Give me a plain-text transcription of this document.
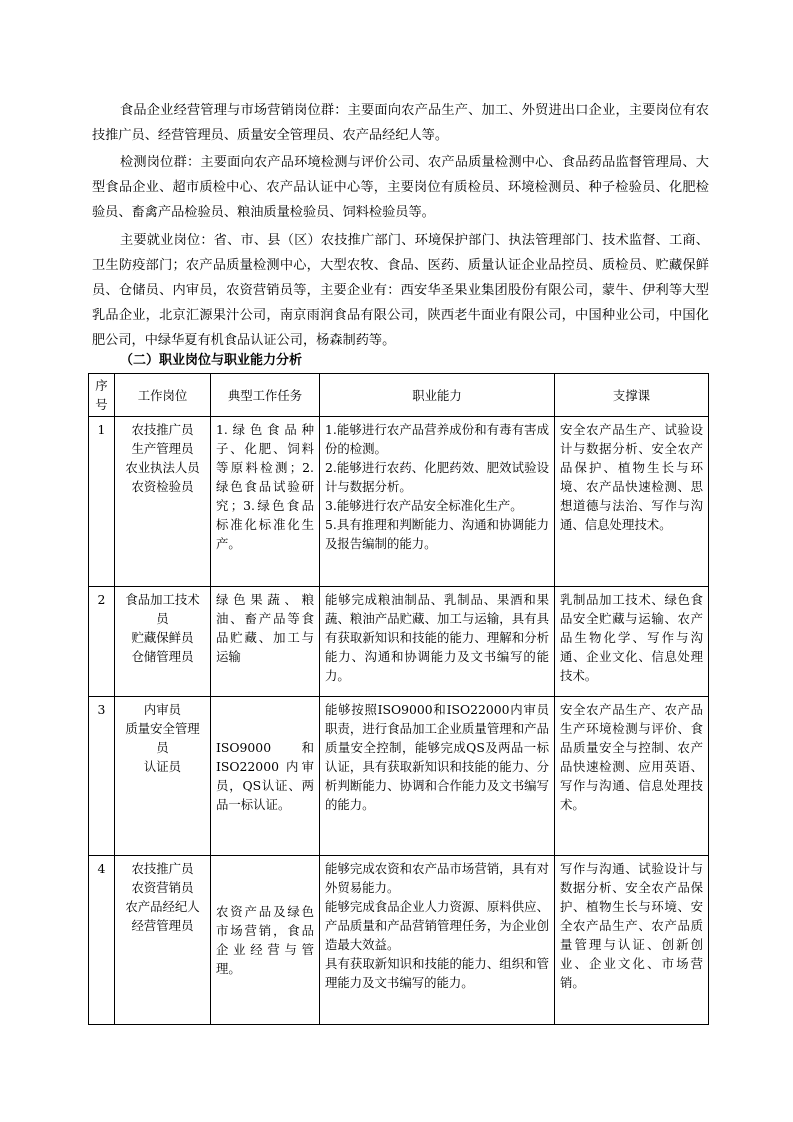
食品企业经营管理与市场营销岗位群：主要面向农产品生产、加工、外贸进出口企业，主要岗位有农技推广员、经营管理员、质量安全管理员、农产品经纪人等。

检测岗位群：主要面向农产品环境检测与评价公司、农产品质量检测中心、食品药品监督管理局、大型食品企业、超市质检中心、农产品认证中心等，主要岗位有质检员、环境检测员、种子检验员、化肥检验员、畜禽产品检验员、粮油质量检验员、饲料检验员等。

主要就业岗位：省、市、县（区）农技推广部门、环境保护部门、执法管理部门、技术监督、工商、卫生防疫部门；农产品质量检测中心，大型农牧、食品、医药、质量认证企业品控员、质检员、贮藏保鲜员、仓储员、内审员，农资营销员等，主要企业有：西安华圣果业集团股份有限公司，蒙牛、伊利等大型乳品企业，北京汇源果汁公司，南京雨润食品有限公司，陕西老牛面业有限公司，中国种业公司，中国化肥公司，中绿华夏有机食品认证公司，杨森制药等。

（二）职业岗位与职业能力分析

序号	工作岗位	典型工作任务	职业能力	支撑课
1	农技推广员
生产管理员
农业执法人员
农资检验员	1.绿色食品种子、化肥、饲料等原料检测；2.绿色食品试验研究；3.绿色食品标准化标准化生产。	1.能够进行农产品营养成份和有毒有害成份的检测。
2.能够进行农药、化肥药效、肥效试验设计与数据分析。
3.能够进行农产品安全标准化生产。
5.具有推理和判断能力、沟通和协调能力及报告编制的能力。	安全农产品生产、试验设计与数据分析、安全农产品保护、植物生长与环境、农产品快速检测、思想道德与法治、写作与沟通、信息处理技术。
2	食品加工技术员
贮藏保鲜员
仓储管理员	绿色果蔬、粮油、畜产品等食品贮藏、加工与运输	能够完成粮油制品、乳制品、果酒和果蔬、粮油产品贮藏、加工与运输，具有具有获取新知识和技能的能力、理解和分析能力、沟通和协调能力及文书编写的能力。	乳制品加工技术、绿色食品安全贮藏与运输、农产品生物化学、写作与沟通、企业文化、信息处理技术。
3	内审员
质量安全管理员
认证员	ISO9000 和 ISO22000 内审员，QS认证、两品一标认证。	能够按照ISO9000和ISO22000内审员职责，进行食品加工企业质量管理和产品质量安全控制，能够完成QS及两品一标认证，具有获取新知识和技能的能力、分析判断能力、协调和合作能力及文书编写的能力。	安全农产品生产、农产品生产环境检测与评价、食品质量安全与控制、农产品快速检测、应用英语、写作与沟通、信息处理技术。
4	农技推广员
农资营销员
农产品经纪人
经营管理员	农资产品及绿色市场营销，食品企业经营与管理。	能够完成农资和农产品市场营销，具有对外贸易能力。
能够完成食品企业人力资源、原料供应、产品质量和产品营销管理任务，为企业创造最大效益。
具有获取新知识和技能的能力、组织和管理能力及文书编写的能力。	写作与沟通、试验设计与数据分析、安全农产品保护、植物生长与环境、安全农产品生产、农产品质量管理与认证、创新创业、企业文化、市场营销。
